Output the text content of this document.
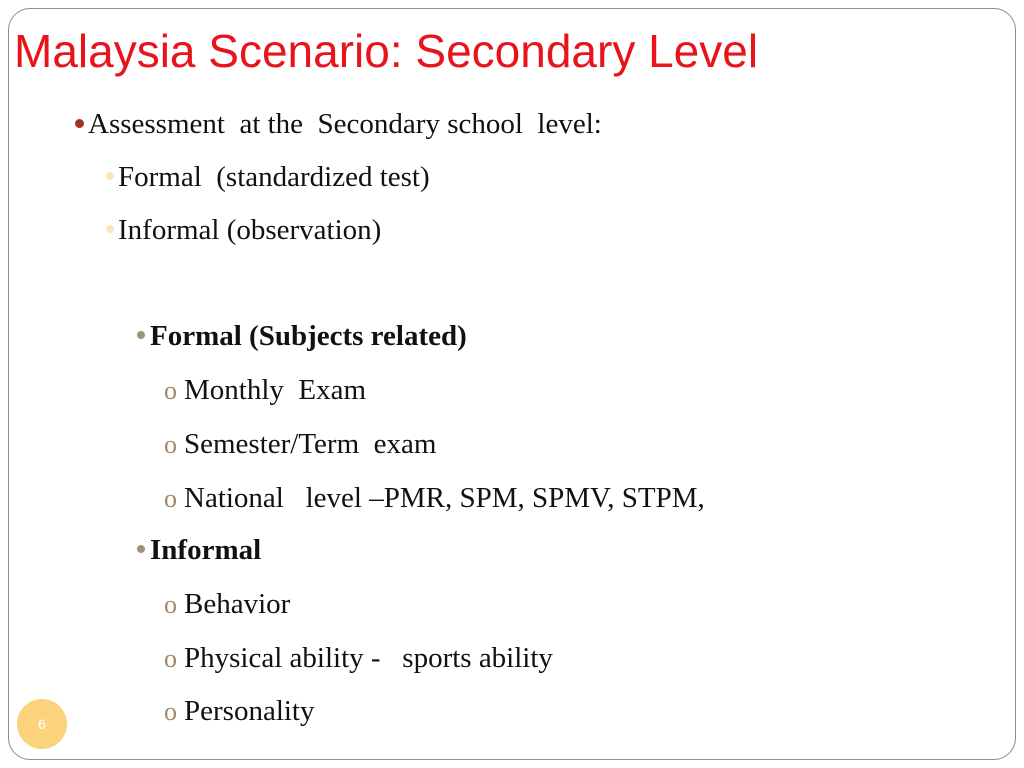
Malaysia Scenario: Secondary Level
Assessment  at the  Secondary school  level:
Formal  (standardized test)
Informal (observation)
Formal (Subjects related)
o Monthly  Exam
o Semester/Term  exam
o National   level –PMR, SPM, SPMV, STPM,
Informal
o Behavior
o Physical ability -   sports ability
o Personality
6
